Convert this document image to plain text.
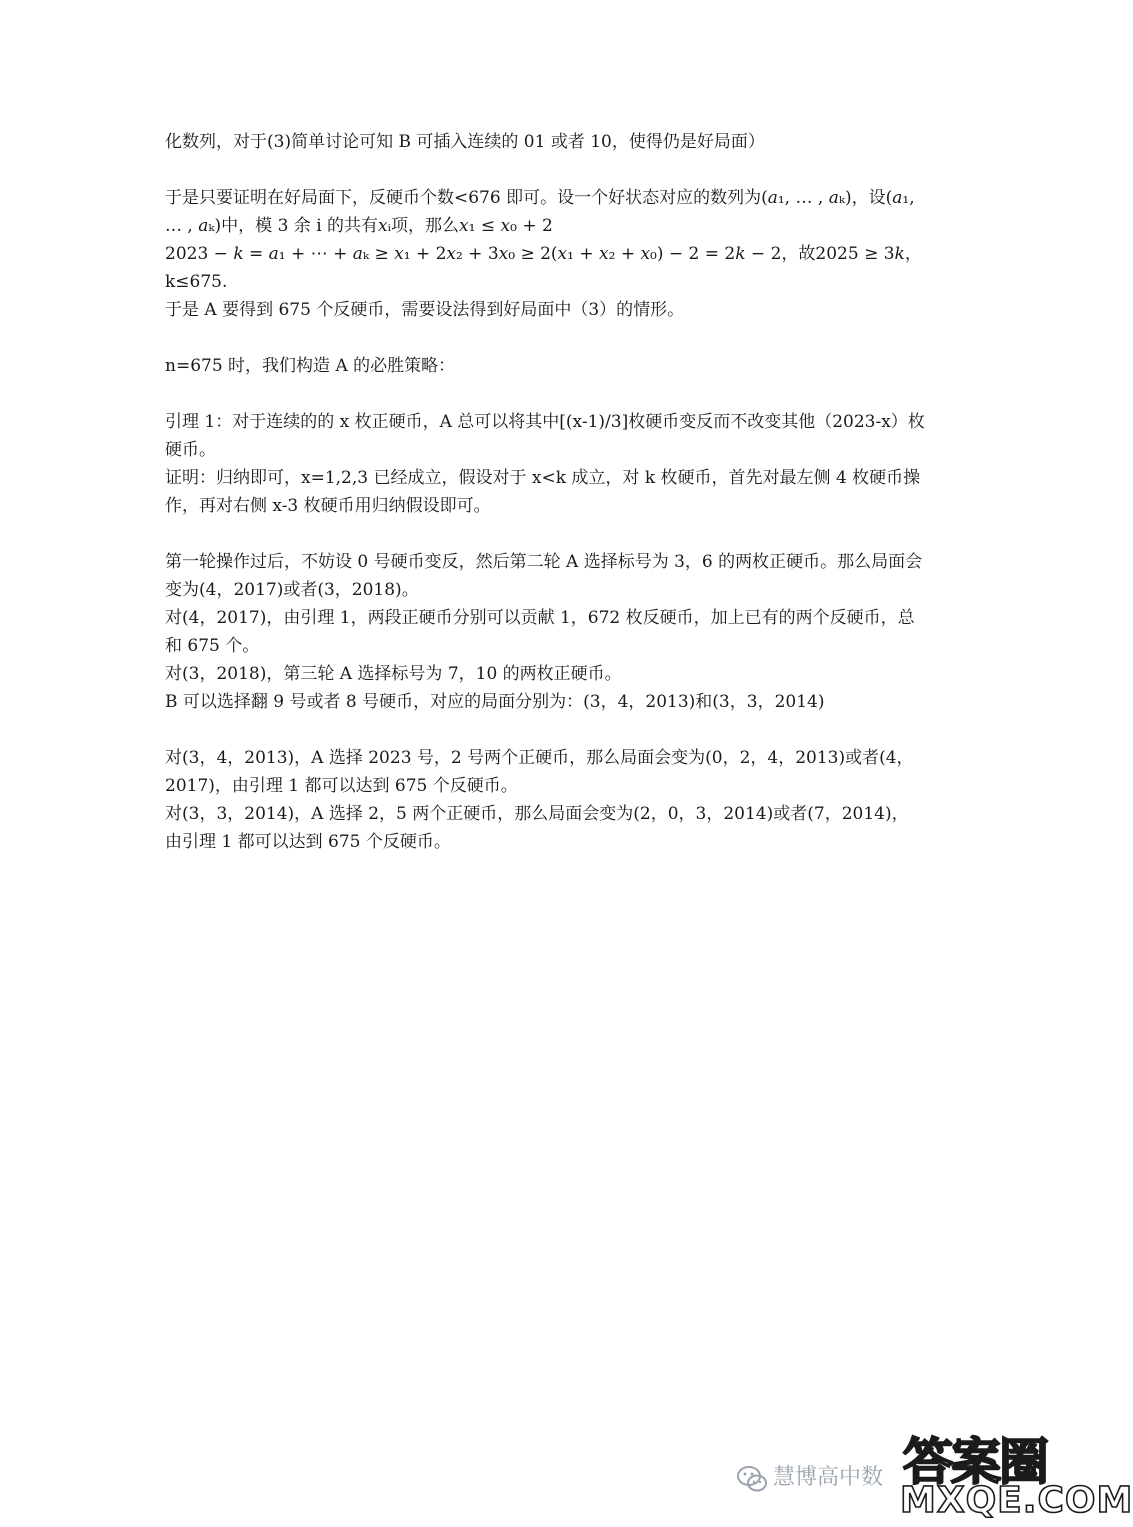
化数列，对于(3)简单讨论可知 B 可插入连续的 01 或者 10，使得仍是好局面）

于是只要证明在好局面下，反硬币个数<676 即可。设一个好状态对应的数列为(𝑎₁, … , 𝑎ₖ)，设(𝑎₁, … , 𝑎ₖ)中，模 3 余 i 的共有𝑥ᵢ项，那么𝑥₁ ≤ 𝑥₀ + 2

2023 − 𝑘 = 𝑎₁ + ⋯ + 𝑎ₖ ≥ 𝑥₁ + 2𝑥₂ + 3𝑥₀ ≥ 2(𝑥₁ + 𝑥₂ + 𝑥₀) − 2 = 2𝑘 − 2，故2025 ≥ 3𝑘，k≤675.

于是 A 要得到 675 个反硬币，需要设法得到好局面中（3）的情形。

n=675 时，我们构造 A 的必胜策略：

引理 1：对于连续的的 x 枚正硬币，A 总可以将其中[(x-1)/3]枚硬币变反而不改变其他（2023-x）枚硬币。

证明：归纳即可，x=1,2,3 已经成立，假设对于 x<k 成立，对 k 枚硬币，首先对最左侧 4 枚硬币操作，再对右侧 x-3 枚硬币用归纳假设即可。

第一轮操作过后，不妨设 0 号硬币变反，然后第二轮 A 选择标号为 3，6 的两枚正硬币。那么局面会变为(4，2017)或者(3，2018)。

对(4，2017)，由引理 1，两段正硬币分别可以贡献 1，672 枚反硬币，加上已有的两个反硬币，总和 675 个。

对(3，2018)，第三轮 A 选择标号为 7，10 的两枚正硬币。

B 可以选择翻 9 号或者 8 号硬币，对应的局面分别为：(3，4，2013)和(3，3，2014)

对(3，4，2013)，A 选择 2023 号，2 号两个正硬币，那么局面会变为(0，2，4，2013)或者(4，2017)，由引理 1 都可以达到 675 个反硬币。

对(3，3，2014)，A 选择 2，5 两个正硬币，那么局面会变为(2，0，3，2014)或者(7，2014)，由引理 1 都可以达到 675 个反硬币。

慧博高中数 答案圈
MXQE.COM
